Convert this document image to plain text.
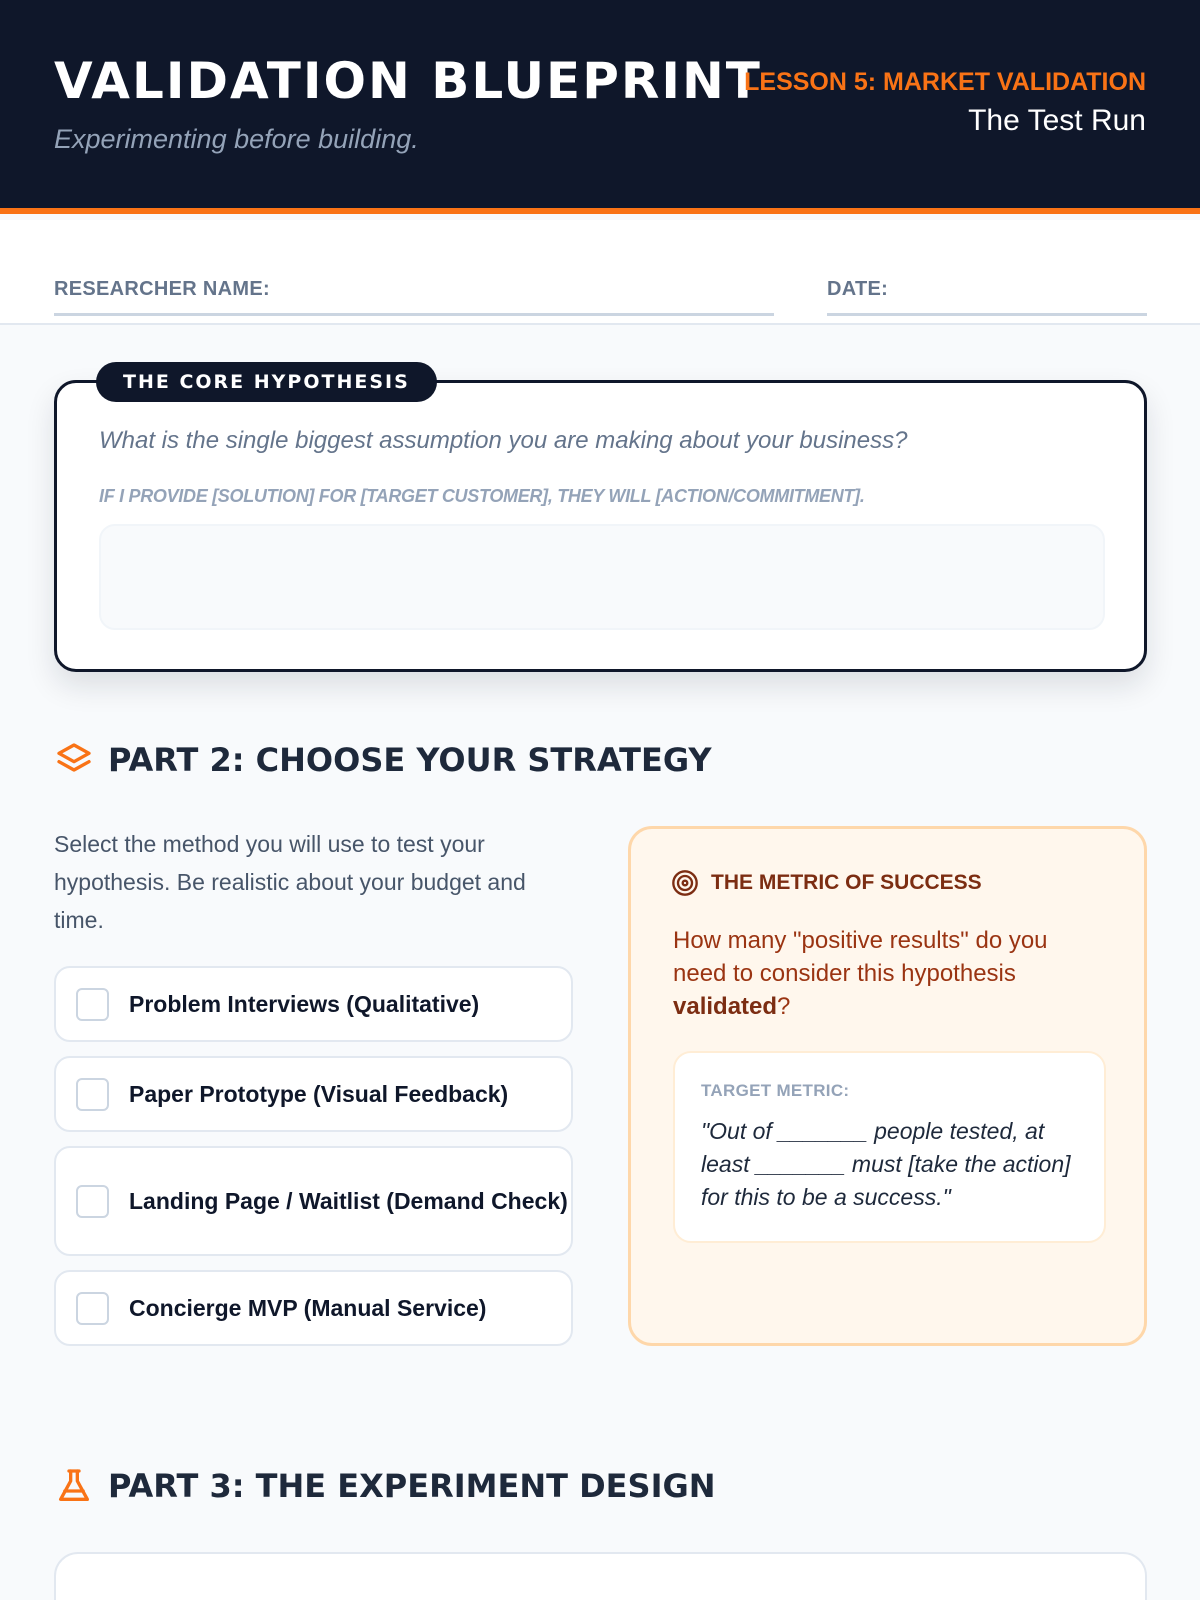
VALIDATION BLUEPRINT
Experimenting before building.
LESSON 5: MARKET VALIDATION
The Test Run
RESEARCHER NAME:	DATE:
What is the single biggest assumption you are making about your business?
IF I PROVIDE [SOLUTION] FOR [TARGET CUSTOMER], THEY WILL [ACTION/COMMITMENT].
THE CORE HYPOTHESIS
PART 2: CHOOSE YOUR STRATEGY
Select the method you will use to test your hypothesis. Be realistic about your budget and time.
Problem Interviews (Qualitative)
Paper Prototype (Visual Feedback)
Landing Page / Waitlist (Demand Check)
Concierge MVP (Manual Service)
THE METRIC OF SUCCESS
How many "positive results" do you need to consider this hypothesis validated?
TARGET METRIC:
"Out of _______ people tested, at least _______ must [take the action] for this to be a success."
PART 3: THE EXPERIMENT DESIGN
